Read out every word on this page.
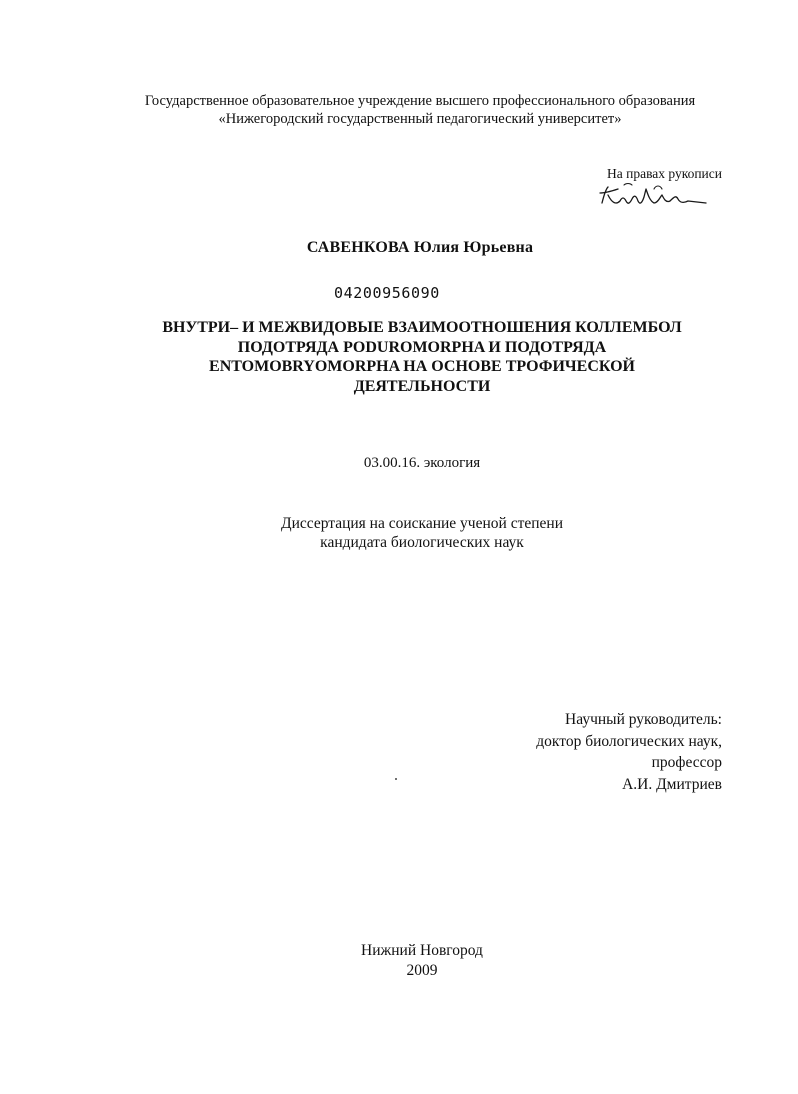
Государственное образовательное учреждение высшего профессионального образования
«Нижегородский государственный педагогический университет»
На правах рукописи
САВЕНКОВА Юлия Юрьевна
04200956090
ВНУТРИ– И МЕЖВИДОВЫЕ ВЗАИМООТНОШЕНИЯ КОЛЛЕМБОЛ
ПОДОТРЯДА PODUROMORPHA И ПОДОТРЯДА
ENTOMOBRYOMORPHA НА ОСНОВЕ ТРОФИЧЕСКОЙ
ДЕЯТЕЛЬНОСТИ
03.00.16. экология
Диссертация на соискание ученой степени
кандидата биологических наук
Научный руководитель:
доктор биологических наук,
профессор
А.И. Дмитриев
Нижний Новгород
2009
